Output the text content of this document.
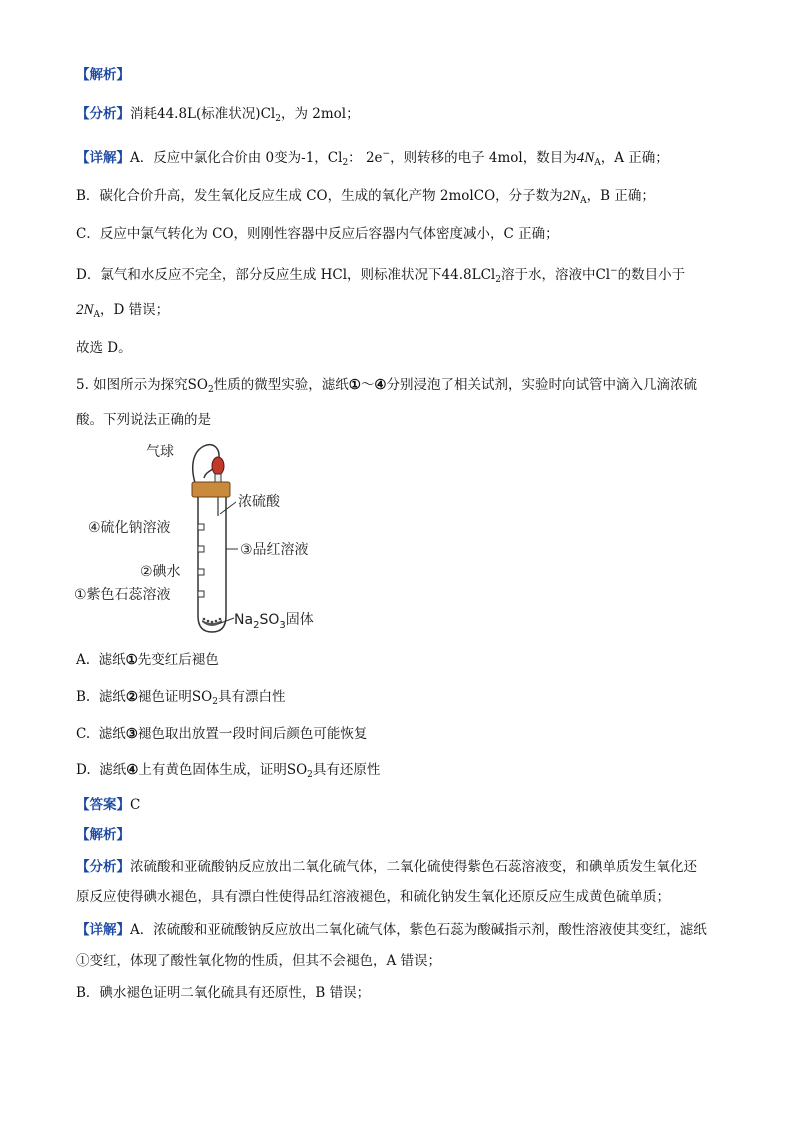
【解析】
【分析】消耗44.8L(标准状况)$Cl_2$，为 2mol；
【详解】A．反应中氯化合价由 0变为-1，$Cl_2$： 2e−，则转移的电子 4mol，数目为$4N_A$，A 正确；
B．碳化合价升高，发生氧化反应生成 CO，生成的氧化产物 2molCO，分子数为$2N_A$，B 正确；
C．反应中氯气转化为 CO，则刚性容器中反应后容器内气体密度减小，C 正确；
D．氯气和水反应不完全，部分反应生成 HCl，则标准状况下44.8LCl$_2$溶于水，溶液中Cl−的数目小于
$2N_A$，D 错误；
故选 D。
5. 如图所示为探究$SO_2$性质的微型实验，滤纸①～④分别浸泡了相关试剂，实验时向试管中滴入几滴浓硫
酸。下列说法正确的是
气球
浓硫酸
④硫化钠溶液
③品红溶液
②碘水
①紫色石蕊溶液
$Na_2SO_3$固体
A. 滤纸①先变红后褪色
B. 滤纸②褪色证明$SO_2$具有漂白性
C. 滤纸③褪色取出放置一段时间后颜色可能恢复
D. 滤纸④上有黄色固体生成，证明$SO_2$具有还原性
【答案】C
【解析】
【分析】浓硫酸和亚硫酸钠反应放出二氧化硫气体，二氧化硫使得紫色石蕊溶液变，和碘单质发生氧化还
原反应使得碘水褪色，具有漂白性使得品红溶液褪色，和硫化钠发生氧化还原反应生成黄色硫单质；
【详解】A．浓硫酸和亚硫酸钠反应放出二氧化硫气体，紫色石蕊为酸碱指示剂，酸性溶液使其变红，滤纸
①变红，体现了酸性氧化物的性质，但其不会褪色，A 错误；
B．碘水褪色证明二氧化硫具有还原性，B 错误；
